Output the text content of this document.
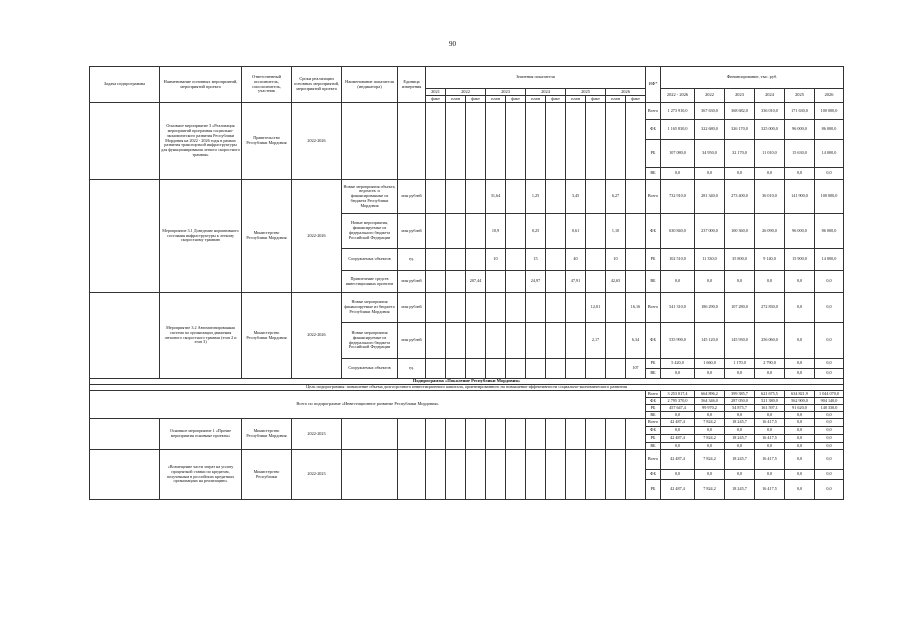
90
Задача подпрограммы	Наименование основных мероприятий, мероприятий проекта	Ответственный исполнитель, соисполнитель, участник	Сроки реализации основных мероприятий, мероприятий проекта	Наименование показателя (индикатора)	Единица измерения	Значения показателя											ИФ*	Финансирование, тыс. руб.					
						2021	2022		2023		2024		2025		2026			2022 - 2026	2022	2023	2024	2025	2026
						факт	план	факт	план	факт	план	факт	план	факт	план	факт							
	Основное мероприятие 3 «Реализация мероприятий программы социально-экономического развития Республики Мордовия на 2022 - 2026 годы в рамках развития транспортной инфраструктуры для функционирования легкого скоростного трамвая»	Правительство Республики Мордовия	2022-2026														Всего	1 273 910,0	367 630,0	368 682,0	336 010,0	171 630,0	100 000,0
																	ФБ	1 165 830,0	322 680,0	326 170,0	325 000,0	96 000,0	86 000,0
																	РБ	107 080,0	34 950,0	32 170,0	11 010,0	15 630,0	14 000,0
																	ВБ	0,0	0,0	0,0	0,0	0,0	0,0
	Мероприятие 3.1 Доведение нормативного состояния инфраструктуры к легкому скоростному трамваю	Министерство Республики Мордовия	2022-2026	Новые мероприятия объекта, ведомств. и финансированные из бюджета Республики Мордовия	млн рублей				31,64		1,25		3,45		6,27		Всего	732 910,0	281 340,0	273 400,0	36 010,0	141 900,0	100 000,0
				Новые мероприятия, финансируемые из федерального бюджета Российской Федерации	млн рублей				10,9		0,25		0,61		1,10		ФБ	630 840,0	237 000,0	100 360,0	26 090,0	96 000,0	86 000,0
				Сооружаемых объектов	ед.				10		15		40		10		РБ	102 510,0	11 330,0	35 800,0	9 140,0	15 900,0	14 000,0
				Привлечение средств инвестиционных проектов	млн рублей			207,44			24,97		47,91		42,65		ВБ	0,0	0,0	0,0	0,0	0,0	0,0
	Мероприятие 3.2 Автоматизированная система по организации движения легкового скоростного трамвая (этап 2 и этап 3)	Министерство Республики Мордовия	2022-2026	Новые мероприятия финансируемые из бюджета Республики Мордовия	млн рублей									12,01		16,16	Всего	541 310,0	186 290,0	107 280,0	272 830,0	0,0	0,0
				Новые мероприятия финансируемые из федерального бюджета Российской Федерации	млн рублей									2,17		6,34	ФБ	535 990,0	145 120,0	145 930,0	256 060,0	0,0	0,0
				Сооружаемых объектов	ед.											107	РБ	5 420,0	1 660,0	1 170,0	2 790,0	0,0	0,0
																	ВБ	0,0	0,0	0,0	0,0	0,0	0,0
Подпрограмма «Поколение Республики Мордовия»																							
Цель подпрограммы: повышение объема долгосрочного инвестиционного капитала, ориентированного на повышение эффективности социально-экономического развития																							
Всего по подпрограмме «Инвестиционное развитие Республики Мордовия»																	Всего	3 253 017,4	664 896,2	399 385,7	621 675,5	634 821,9	1 044 070,0
																	ФБ	2 795 370,0	564 346,0	287 050,0	521 380,0	562 900,0	904 140,0
																	РБ	457 647,4	99 970,2	54 875,7	161 597,1	91 620,0	140 330,0
																	ВБ	0,0	0,0	0,0	0,0	0,0	0,0
	Основное мероприятие 1 «Прочие мероприятия основные проекты»	Министерство Республики Мордовия	2022-2023														Всего	42 487,4	7 824,2	18 245,7	16 417,5	0,0	0,0
																	ФБ	0,0	0,0	0,0	0,0	0,0	0,0
																	РБ	42 487,4	7 824,2	18 245,7	16 417,5	0,0	0,0
																	ВБ	0,0	0,0	0,0	0,0	0,0	0,0
	«Возмещение части затрат на уплату процентной ставки по кредитам, полученным в российских кредитных организациях на реализацию»	Министерство Республики	2022-2023														Всего	42 487,4	7 824,2	18 245,7	16 417,5	0,0	0,0
																	ФБ	0,0	0,0	0,0	0,0	0,0	0,0
																	РБ	42 487,4	7 824,2	18 245,7	16 417,5	0,0	0,0
